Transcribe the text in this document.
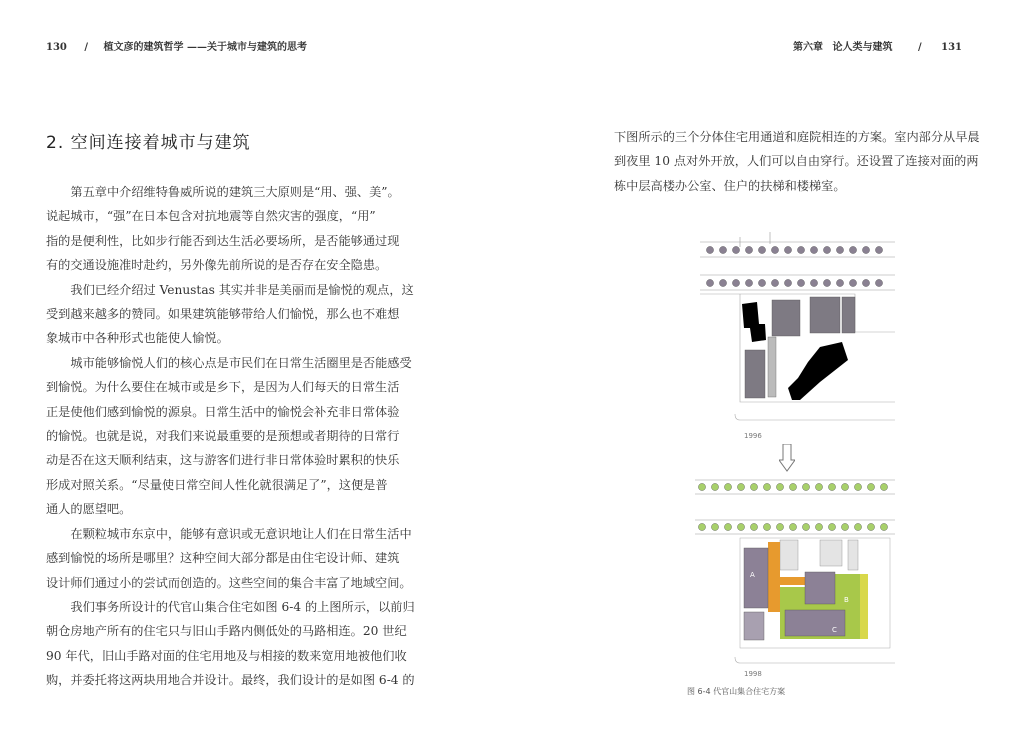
130 / 植文彦的建筑哲学 ——关于城市与建筑的思考	第六章 论人类与建筑	/ 131
2. 空间连接着城市与建筑

第五章中介绍维特鲁威所说的建筑三大原则是“用、强、美”。
说起城市，“强”在日本包含对抗地震等自然灾害的强度，“用”
指的是便利性，比如步行能否到达生活必要场所，是否能够通过现
有的交通设施准时赴约，另外像先前所说的是否存在安全隐患。

我们已经介绍过 Venustas 其实并非是美丽而是愉悦的观点，这
受到越来越多的赞同。如果建筑能够带给人们愉悦，那么也不难想
象城市中各种形式也能使人愉悦。

城市能够愉悦人们的核心点是市民们在日常生活圈里是否能感受
到愉悦。为什么要住在城市或是乡下，是因为人们每天的日常生活
正是使他们感到愉悦的源泉。日常生活中的愉悦会补充非日常体验
的愉悦。也就是说，对我们来说最重要的是预想或者期待的日常行
动是否在这天顺利结束，这与游客们进行非日常体验时累积的快乐
形成对照关系。“尽量使日常空间人性化就很满足了”，这便是普
通人的愿望吧。

在颗粒城市东京中，能够有意识或无意识地让人们在日常生活中
感到愉悦的场所是哪里？这种空间大部分都是由住宅设计师、建筑
设计师们通过小的尝试而创造的。这些空间的集合丰富了地域空间。

我们事务所设计的代官山集合住宅如图 6-4 的上图所示，以前归
朝仓房地产所有的住宅只与旧山手路内侧低处的马路相连。20 世纪
90 年代，旧山手路对面的住宅用地及与相接的数来宽用地被他们收
购，并委托将这两块用地合并设计。最终，我们设计的是如图 6-4 的

下图所示的三个分体住宅用通道和庭院相连的方案。室内部分从早晨
到夜里 10 点对外开放，人们可以自由穿行。还设置了连接对面的两
栋中层高楼办公室、住户的扶梯和楼梯室。

A
B
C
1996
1998
图 6-4 代官山集合住宅方案
